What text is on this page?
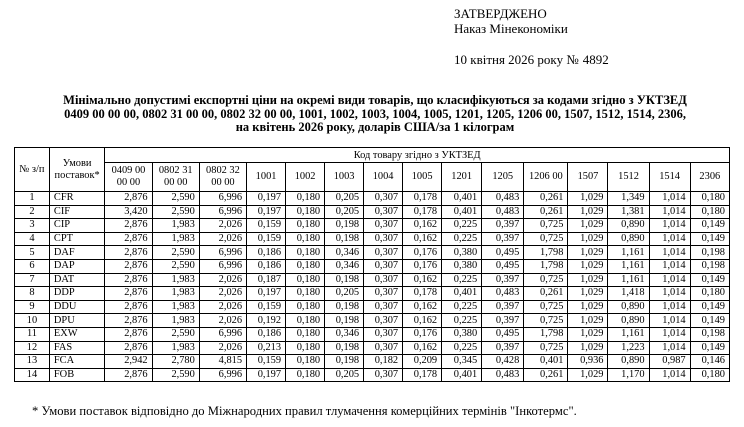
ЗАТВЕРДЖЕНО
Наказ Мінекономіки
10 квітня 2026 року № 4892
Мінімально допустимі експортні ціни на окремі види товарів, що класифікуються за кодами згідно з УКТЗЕД 0409 00 00 00, 0802 31 00 00, 0802 32 00 00, 1001, 1002, 1003, 1004, 1005, 1201, 1205, 1206 00, 1507, 1512, 1514, 2306, на квітень 2026 року, доларів США/за 1 кілограм
№ з/п	Умови поставок*	Код товару згідно з УКТЗЕД														
		0409 00 00 00	0802 31 00 00	0802 32 00 00	1001	1002	1003	1004	1005	1201	1205	1206 00	1507	1512	1514	2306
1	CFR	2,876	2,590	6,996	0,197	0,180	0,205	0,307	0,178	0,401	0,483	0,261	1,029	1,349	1,014	0,180
2	CIF	3,420	2,590	6,996	0,197	0,180	0,205	0,307	0,178	0,401	0,483	0,261	1,029	1,381	1,014	0,180
3	CIP	2,876	1,983	2,026	0,159	0,180	0,198	0,307	0,162	0,225	0,397	0,725	1,029	0,890	1,014	0,149
4	CPT	2,876	1,983	2,026	0,159	0,180	0,198	0,307	0,162	0,225	0,397	0,725	1,029	0,890	1,014	0,149
5	DAF	2,876	2,590	6,996	0,186	0,180	0,346	0,307	0,176	0,380	0,495	1,798	1,029	1,161	1,014	0,198
6	DAP	2,876	2,590	6,996	0,186	0,180	0,346	0,307	0,176	0,380	0,495	1,798	1,029	1,161	1,014	0,198
7	DAT	2,876	1,983	2,026	0,187	0,180	0,198	0,307	0,162	0,225	0,397	0,725	1,029	1,161	1,014	0,149
8	DDP	2,876	1,983	2,026	0,197	0,180	0,205	0,307	0,178	0,401	0,483	0,261	1,029	1,418	1,014	0,180
9	DDU	2,876	1,983	2,026	0,159	0,180	0,198	0,307	0,162	0,225	0,397	0,725	1,029	0,890	1,014	0,149
10	DPU	2,876	1,983	2,026	0,192	0,180	0,198	0,307	0,162	0,225	0,397	0,725	1,029	0,890	1,014	0,149
11	EXW	2,876	2,590	6,996	0,186	0,180	0,346	0,307	0,176	0,380	0,495	1,798	1,029	1,161	1,014	0,198
12	FAS	2,876	1,983	2,026	0,213	0,180	0,198	0,307	0,162	0,225	0,397	0,725	1,029	1,223	1,014	0,149
13	FCA	2,942	2,780	4,815	0,159	0,180	0,198	0,182	0,209	0,345	0,428	0,401	0,936	0,890	0,987	0,146
14	FOB	2,876	2,590	6,996	0,197	0,180	0,205	0,307	0,178	0,401	0,483	0,261	1,029	1,170	1,014	0,180
* Умови поставок відповідно до Міжнародних правил тлумачення комерційних термінів "Інкотермс".
